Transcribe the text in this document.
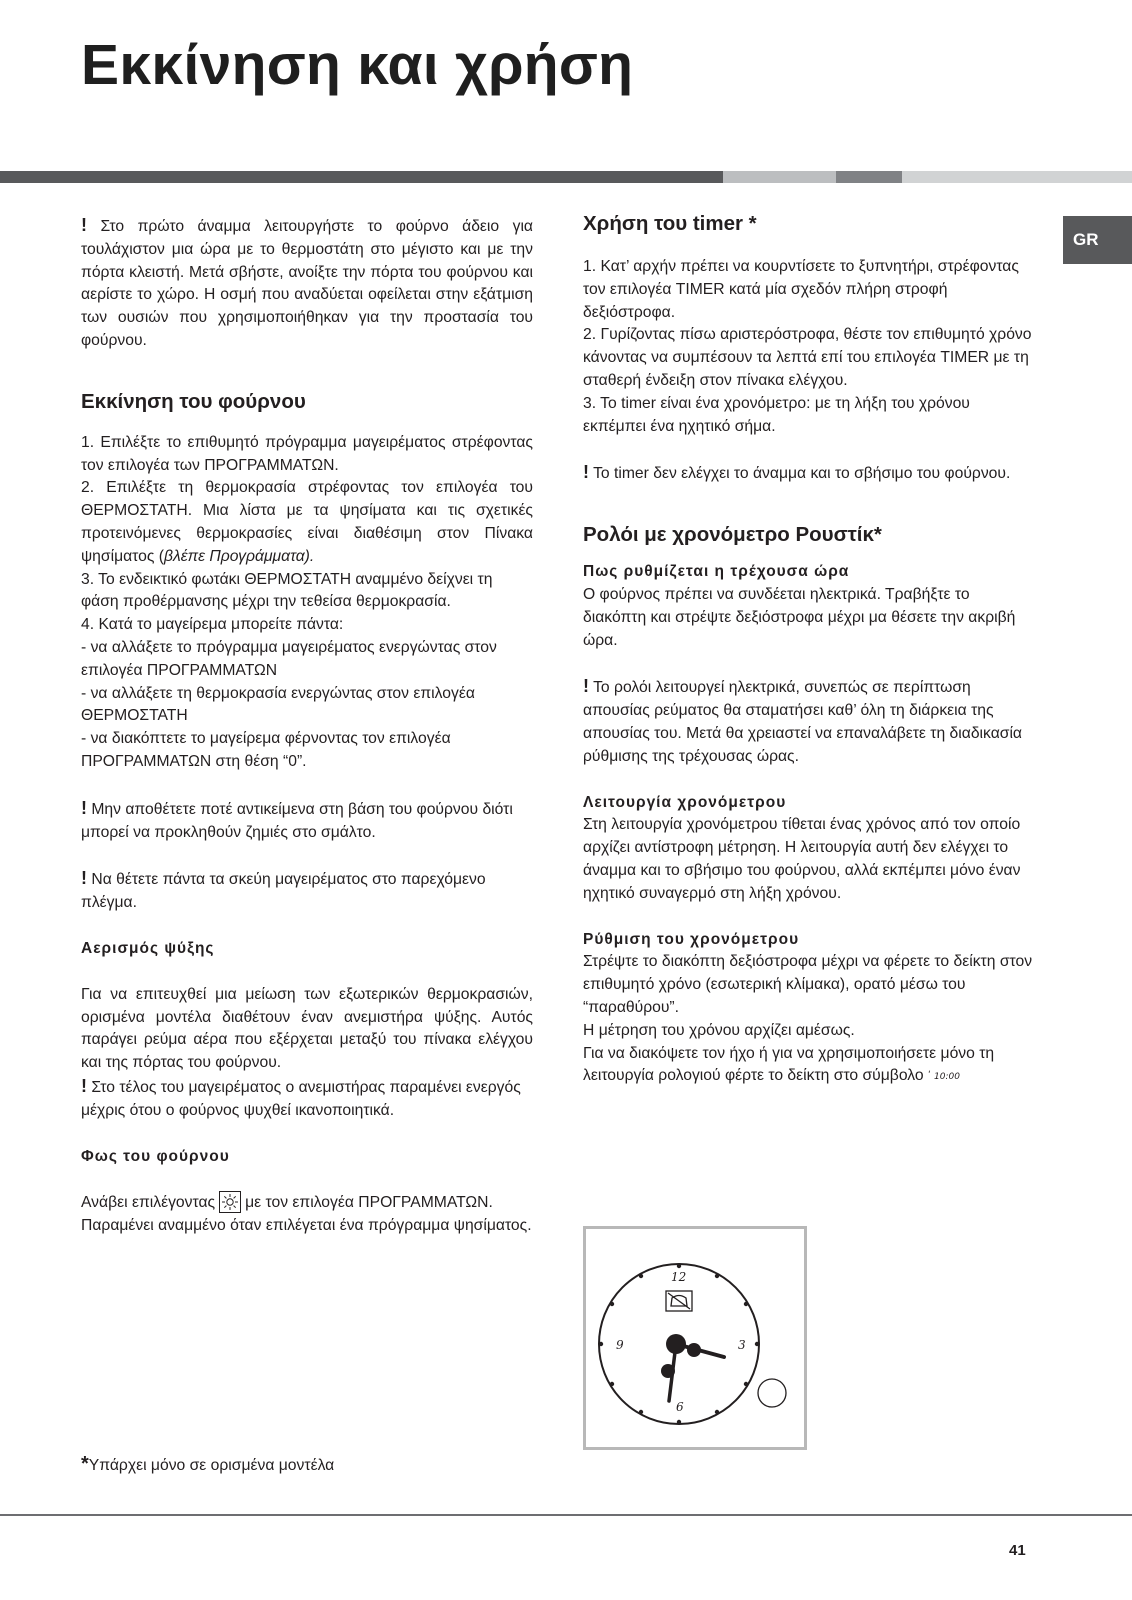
Εκκίνηση και χρήση
GR

! Στο πρώτο άναμμα λειτουργήστε το φούρνο άδειο για τουλάχιστον μια ώρα με το θερμοστάτη στο μέγιστο και με την πόρτα κλειστή. Μετά σβήστε, ανοίξτε την πόρτα του φούρνου και αερίστε το χώρο. Η οσμή που αναδύεται οφείλεται στην εξάτμιση των ουσιών που χρησιμοποιήθηκαν για την προστασία του φούρνου.

Εκκίνηση του φούρνου

1. Επιλέξτε το επιθυμητό πρόγραμμα μαγειρέματος στρέφοντας τον επιλογέα των ΠΡΟΓΡΑΜΜΑΤΩΝ.

2. Επιλέξτε τη θερμοκρασία στρέφοντας τον επιλογέα του ΘΕΡΜΟΣΤΑΤΗ. Μια λίστα με τα ψησίματα και τις σχετικές προτεινόμενες θερμοκρασίες είναι διαθέσιμη στον Πίνακα ψησίματος (βλέπε Προγράμματα).

3. Το ενδεικτικό φωτάκι ΘΕΡΜΟΣΤΑΤΗ αναμμένο δείχνει τη φάση προθέρμανσης μέχρι την τεθείσα θερμοκρασία.

4. Κατά το μαγείρεμα μπορείτε πάντα:

- να αλλάξετε το πρόγραμμα μαγειρέματος ενεργώντας στον επιλογέα ΠΡΟΓΡΑΜΜΑΤΩΝ

- να αλλάξετε τη θερμοκρασία ενεργώντας στον επιλογέα ΘΕΡΜΟΣΤΑΤΗ

- να διακόπτετε το μαγείρεμα φέρνοντας τον επιλογέα ΠΡΟΓΡΑΜΜΑΤΩΝ στη θέση “0”.

! Μην αποθέτετε ποτέ αντικείμενα στη βάση του φούρνου διότι μπορεί να προκληθούν ζημιές στο σμάλτο.

! Να θέτετε πάντα τα σκεύη μαγειρέματος στο παρεχόμενο πλέγμα.

Αερισμός ψύξης

Για να επιτευχθεί μια μείωση των εξωτερικών θερμοκρασιών, ορισμένα μοντέλα διαθέτουν έναν ανεμιστήρα ψύξης. Αυτός παράγει ρεύμα αέρα που εξέρχεται μεταξύ του πίνακα ελέγχου και της πόρτας του φούρνου.

! Στο τέλος του μαγειρέματος ο ανεμιστήρας παραμένει ενεργός μέχρις ότου ο φούρνος ψυχθεί ικανοποιητικά.

Φως του φούρνου

Ανάβει επιλέγοντας με τον επιλογέα ΠΡΟΓΡΑΜΜΑΤΩΝ. Παραμένει αναμμένο όταν επιλέγεται ένα πρόγραμμα ψησίματος.

Χρήση του timer *

1. Κατ’ αρχήν πρέπει να κουρντίσετε το ξυπνητήρι, στρέφοντας τον επιλογέα TIMER κατά μία σχεδόν πλήρη στροφή δεξιόστροφα.

2. Γυρίζοντας πίσω αριστερόστροφα, θέστε τον επιθυμητό χρόνο κάνοντας να συμπέσουν τα λεπτά επί του επιλογέα TIMER με τη σταθερή ένδειξη στον πίνακα ελέγχου.

3. Το timer είναι ένα χρονόμετρο: με τη λήξη του χρόνου εκπέμπει ένα ηχητικό σήμα.

! Το timer δεν ελέγχει το άναμμα και το σβήσιμο του φούρνου.

Ρολόι με χρονόμετρο Ρουστίκ*
Πως ρυθμίζεται η τρέχουσα ώρα

Ο φούρνος πρέπει να συνδέεται ηλεκτρικά. Τραβήξτε το διακόπτη και στρέψτε δεξιόστροφα μέχρι μα θέσετε την ακριβή ώρα.

! Το ρολόι λειτουργεί ηλεκτρικά, συνεπώς σε περίπτωση απουσίας ρεύματος θα σταματήσει καθ’ όλη τη διάρκεια της απουσίας του. Μετά θα χρειαστεί να επαναλάβετε τη διαδικασία ρύθμισης της τρέχουσας ώρας.

Λειτουργία χρονόμετρου

Στη λειτουργία χρονόμετρου τίθεται ένας χρόνος από τον οποίο αρχίζει αντίστροφη μέτρηση. Η λειτουργία αυτή δεν ελέγχει το άναμμα και το σβήσιμο του φούρνου, αλλά εκπέμπει μόνο έναν ηχητικό συναγερμό στη λήξη χρόνου.

Ρύθμιση του χρονόμετρου

Στρέψτε το διακόπτη δεξιόστροφα μέχρι να φέρετε το δείκτη στον επιθυμητό χρόνο (εσωτερική κλίμακα), ορατό μέσω του “παραθύρου”.

Η μέτρηση του χρόνου αρχίζει αμέσως.

Για να διακόψετε τον ήχο ή για να χρησιμοποιήσετε μόνο τη λειτουργία ρολογιού φέρτε το δείκτη στο σύμβολο ‘ 10:00

12
3
6
9
*Υπάρχει μόνο σε ορισμένα μοντέλα
41
